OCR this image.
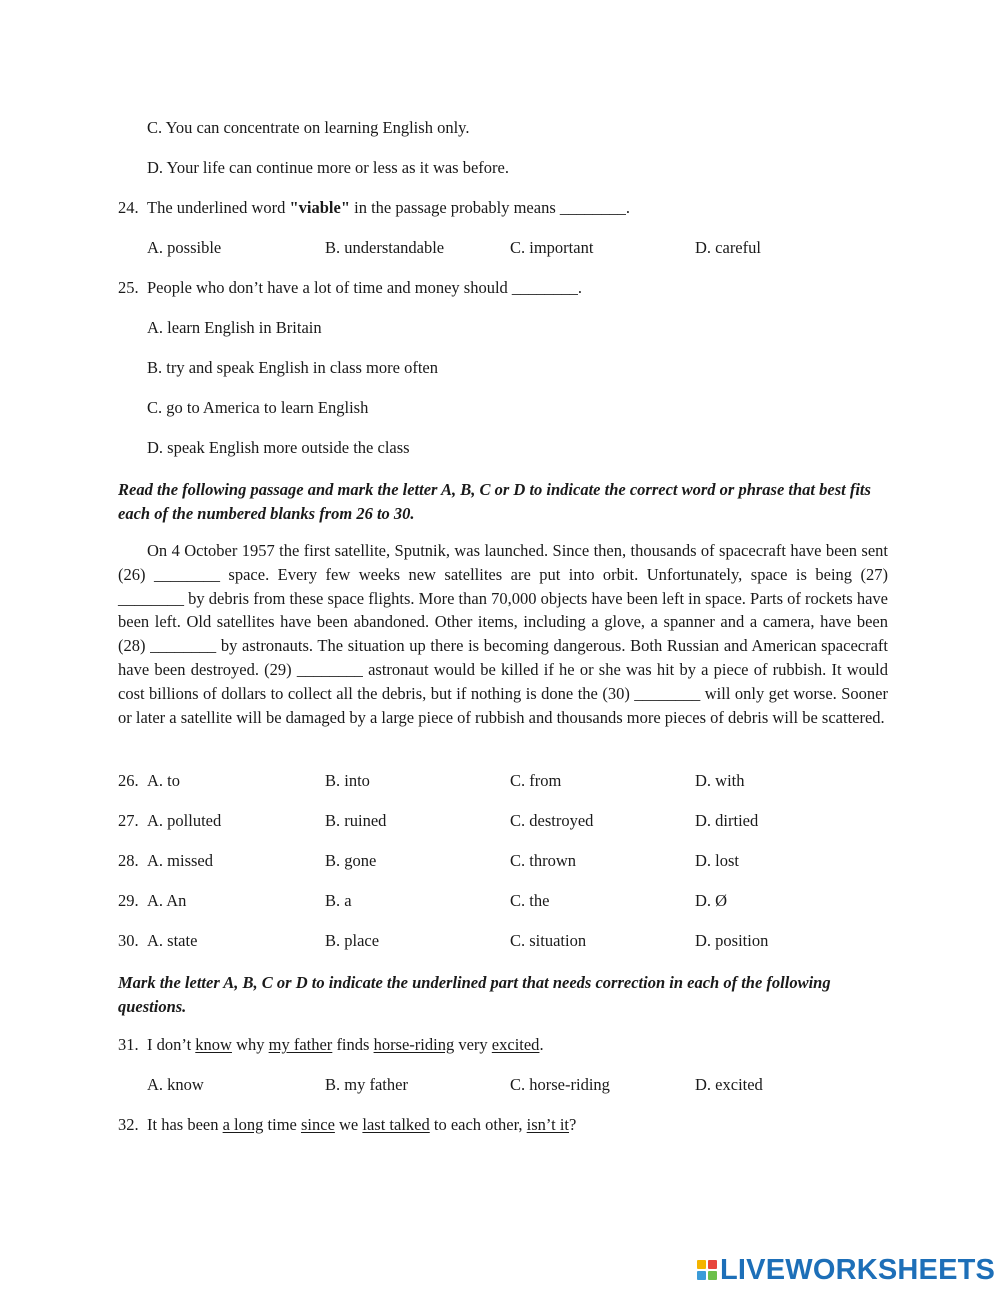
C. You can concentrate on learning English only.
D. Your life can continue more or less as it was before.
24. The underlined word "viable" in the passage probably means ________.
A. possible	B. understandable	C. important	D. careful
25. People who don’t have a lot of time and money should ________.
A. learn English in Britain
B. try and speak English in class more often
C. go to America to learn English
D. speak English more outside the class
Read the following passage and mark the letter A, B, C or D to indicate the correct word or phrase that best fits each of the numbered blanks from 26 to 30.

On 4 October 1957 the first satellite, Sputnik, was launched. Since then, thousands of spacecraft have been sent (26) ________ space. Every few weeks new satellites are put into orbit. Unfortunately, space is being (27) ________ by debris from these space flights. More than 70,000 objects have been left in space. Parts of rockets have been left. Old satellites have been abandoned. Other items, including a glove, a spanner and a camera, have been (28) ________ by astronauts. The situation up there is becoming dangerous. Both Russian and American spacecraft have been destroyed. (29) ________ astronaut would be killed if he or she was hit by a piece of rubbish. It would cost billions of dollars to collect all the debris, but if nothing is done the (30) ________ will only get worse. Sooner or later a satellite will be damaged by a large piece of rubbish and thousands more pieces of debris will be scattered.

26. A. to	B. into	C. from	D. with
27. A. polluted	B. ruined	C. destroyed	D. dirtied
28. A. missed	B. gone	C. thrown	D. lost
29. A. An	B. a	C. the	D. Ø
30. A. state	B. place	C. situation	D. position
Mark the letter A, B, C or D to indicate the underlined part that needs correction in each of the following questions.
31. I don’t know why my father finds horse-riding very excited.
A. know	B. my father	C. horse-riding	D. excited
32. It has been a long time since we last talked to each other, isn’t it?
LIVEWORKSHEETS
